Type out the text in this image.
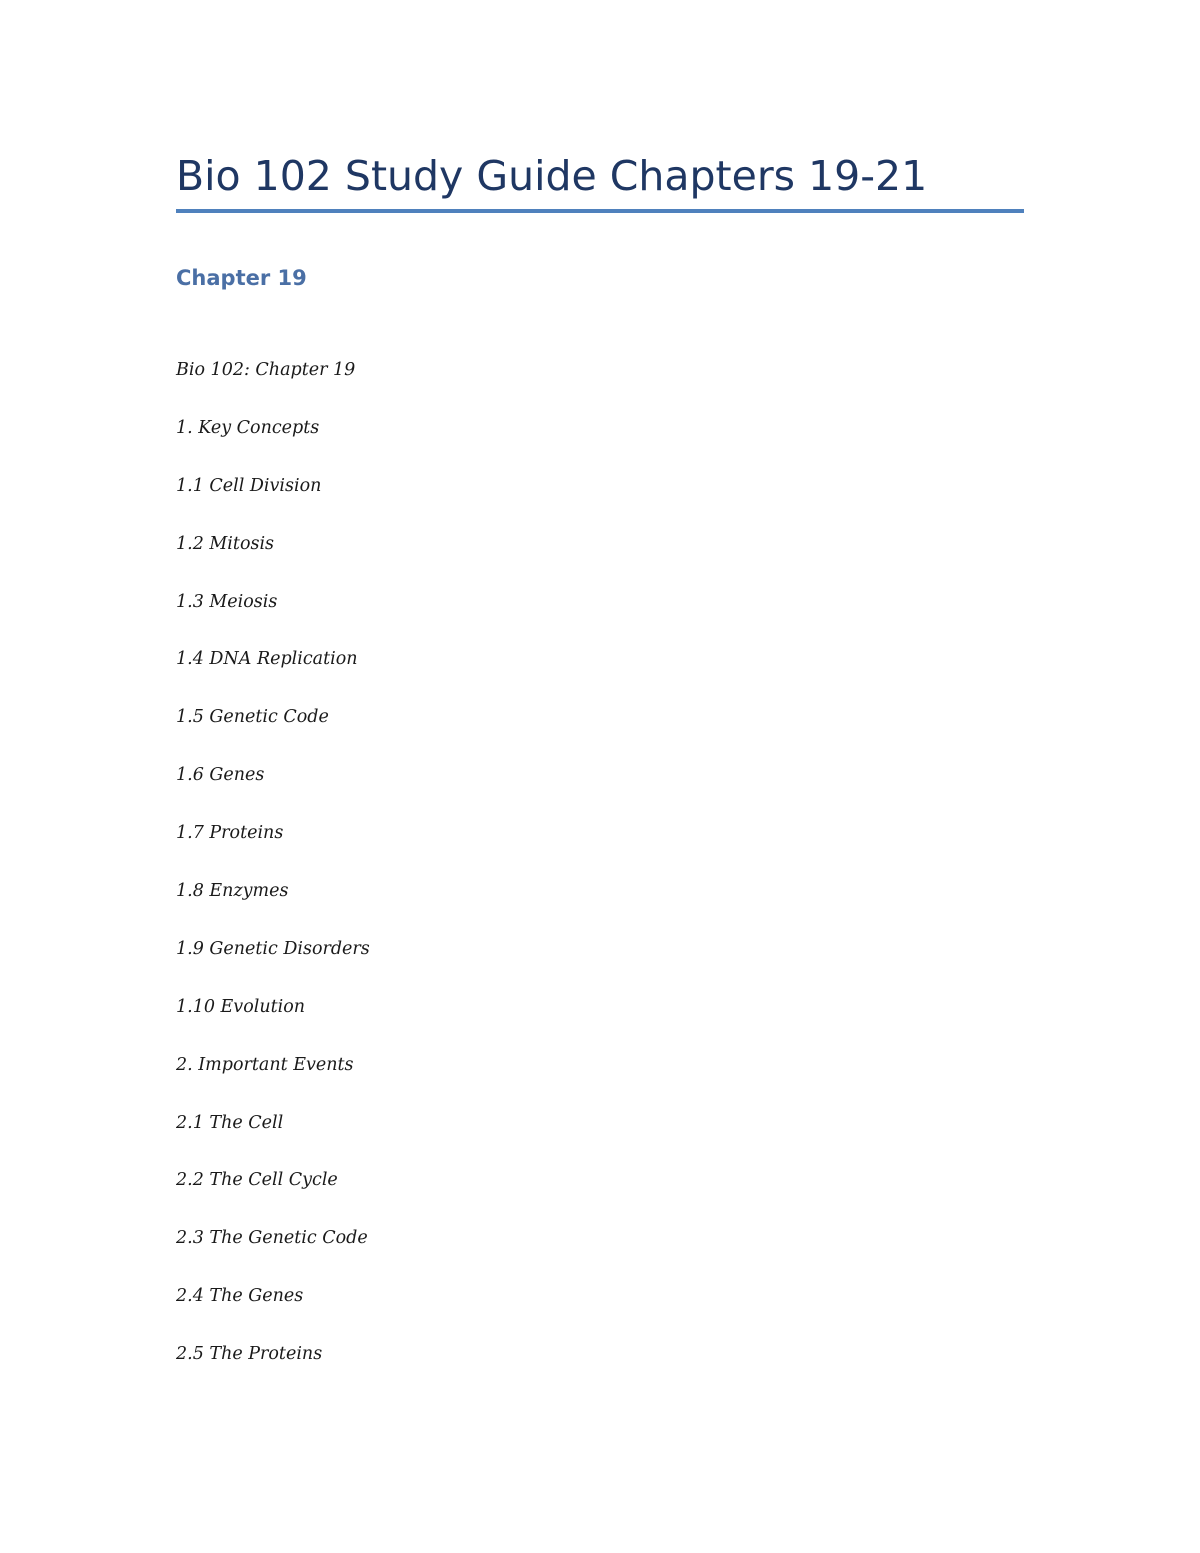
Bio 102 Study Guide Chapters 19-21
Chapter 19
Bio 102: Chapter 19
1. Key Concepts
1.1 Cell Division
1.2 Mitosis
1.3 Meiosis
1.4 DNA Replication
1.5 Genetic Code
1.6 Genes
1.7 Proteins
1.8 Enzymes
1.9 Genetic Disorders
1.10 Evolution
2. Important Events
2.1 The Cell
2.2 The Cell Cycle
2.3 The Genetic Code
2.4 The Genes
2.5 The Proteins
